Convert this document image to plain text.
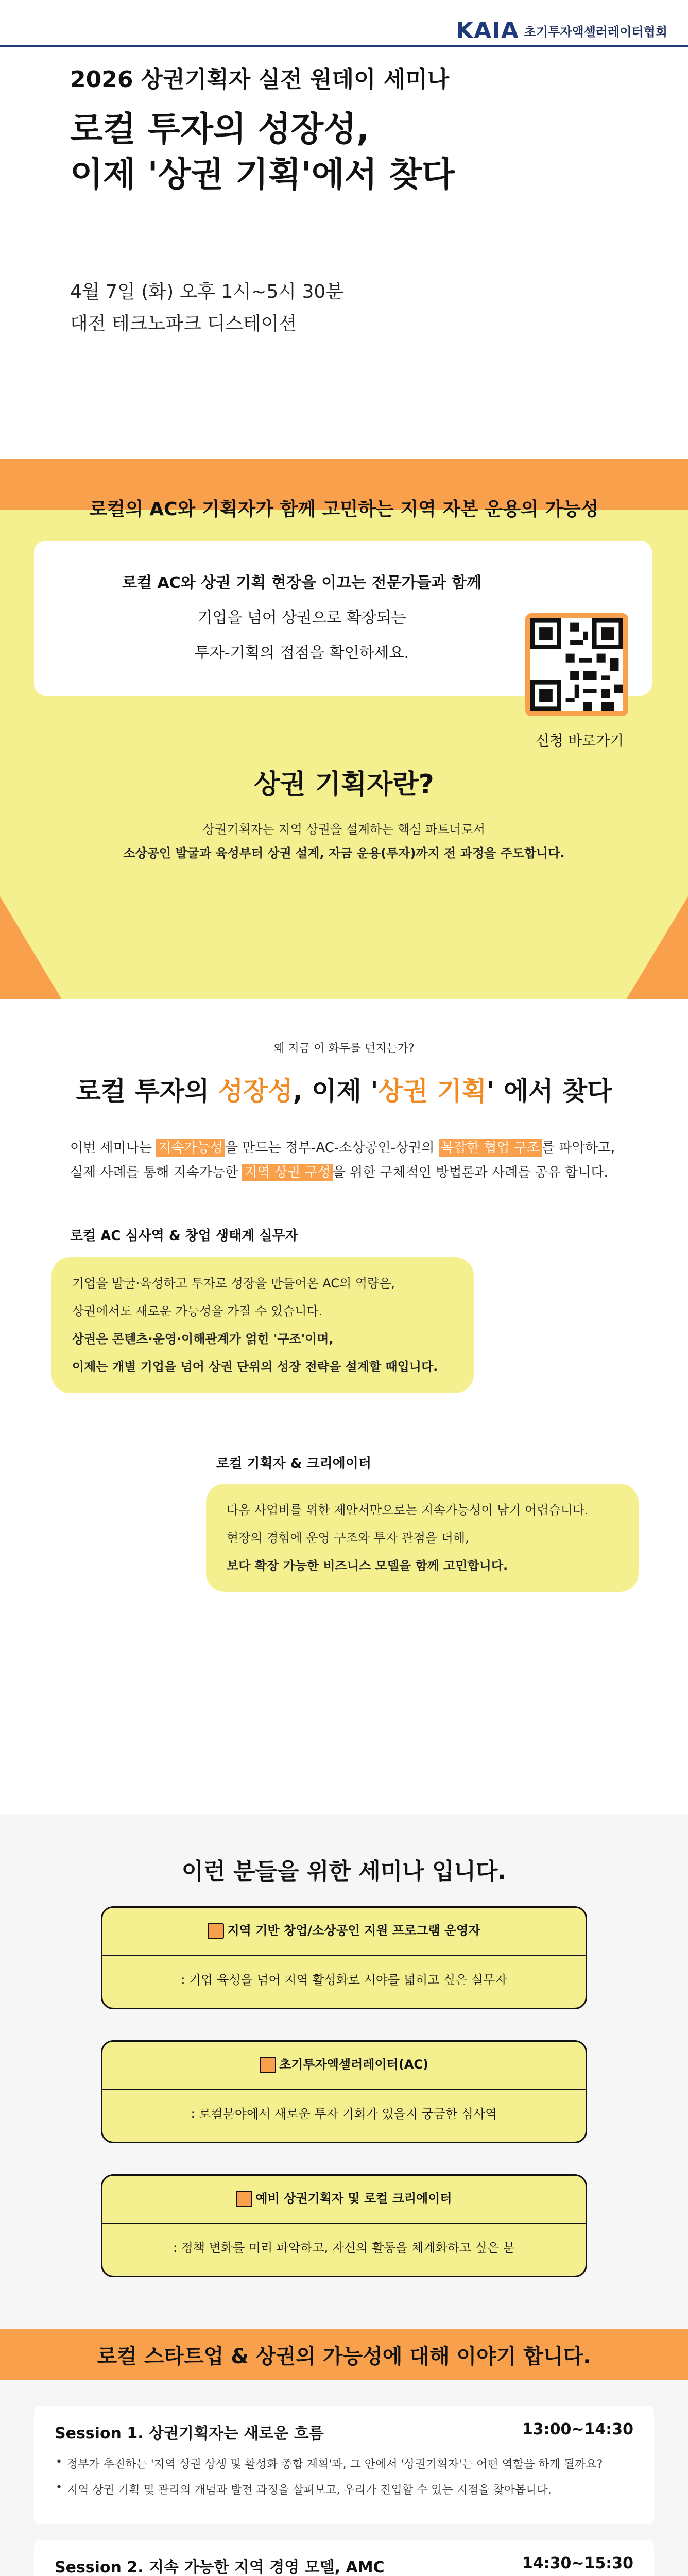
KAIA 초기투자액셀러레이터협회
2026 상권기획자 실전 원데이 세미나
로컬 투자의 성장성,
이제 '상권 기획'에서 찾다
4월 7일 (화) 오후 1시~5시 30분
대전 테크노파크 디스테이션
로컬의 AC와 기획자가 함께 고민하는 지역 자본 운용의 가능성

로컬 AC와 상권 기획 현장을 이끄는 전문가들과 함께

기업을 넘어 상권으로 확장되는

투자-기획의 접점을 확인하세요.

신청 바로가기
상권 기획자란?
상권기획자는 지역 상권을 설계하는 핵심 파트너로서
소상공인 발굴과 육성부터 상권 설계, 자금 운용(투자)까지 전 과정을 주도합니다.
왜 지금 이 화두를 던지는가?
로컬 투자의 성장성, 이제 '상권 기획' 에서 찾다
이번 세미나는 지속가능성 을 만드는 정부-AC-소상공인-상권의 복잡한 협업 구조 를 파악하고,
실제 사례를 통해 지속가능한 지역 상권 구성 을 위한 구체적인 방법론과 사례를 공유 합니다.
로컬 AC 심사역 & 창업 생태계 실무자
기업을 발굴·육성하고 투자로 성장을 만들어온 AC의 역량은,
상권에서도 새로운 가능성을 가질 수 있습니다.
상권은 콘텐츠·운영·이해관계가 얽힌 '구조'이며,
이제는 개별 기업을 넘어 상권 단위의 성장 전략을 설계할 때입니다.
로컬 기획자 & 크리에이터
다음 사업비를 위한 제안서만으로는 지속가능성이 남기 어렵습니다.
현장의 경험에 운영 구조와 투자 관점을 더해,
보다 확장 가능한 비즈니스 모델을 함께 고민합니다.
이런 분들을 위한 세미나 입니다.
지역 기반 창업/소상공인 지원 프로그램 운영자
: 기업 육성을 넘어 지역 활성화로 시야를 넓히고 싶은 실무자
초기투자엑셀러레이터(AC)
: 로컬분야에서 새로운 투자 기회가 있을지 궁금한 심사역
예비 상권기획자 및 로컬 크리에이터
: 정책 변화를 미리 파악하고, 자신의 활동을 체계화하고 싶은 분
로컬 스타트업 & 상권의 가능성에 대해 이야기 합니다.
Session 1. 상권기획자는 새로운 흐름	13:00~14:30
• 정부가 추진하는 '지역 상권 상생 및 활성화 종합 계획'과, 그 안에서 '상권기획자'는 어떤 역할을 하게 될까요?
• 지역 상권 기획 및 관리의 개념과 발전 과정을 살펴보고, 우리가 진입할 수 있는 지점을 찾아봅니다.
Session 2. 지속 가능한 지역 경영 모델, AMC	14:30~15:30
